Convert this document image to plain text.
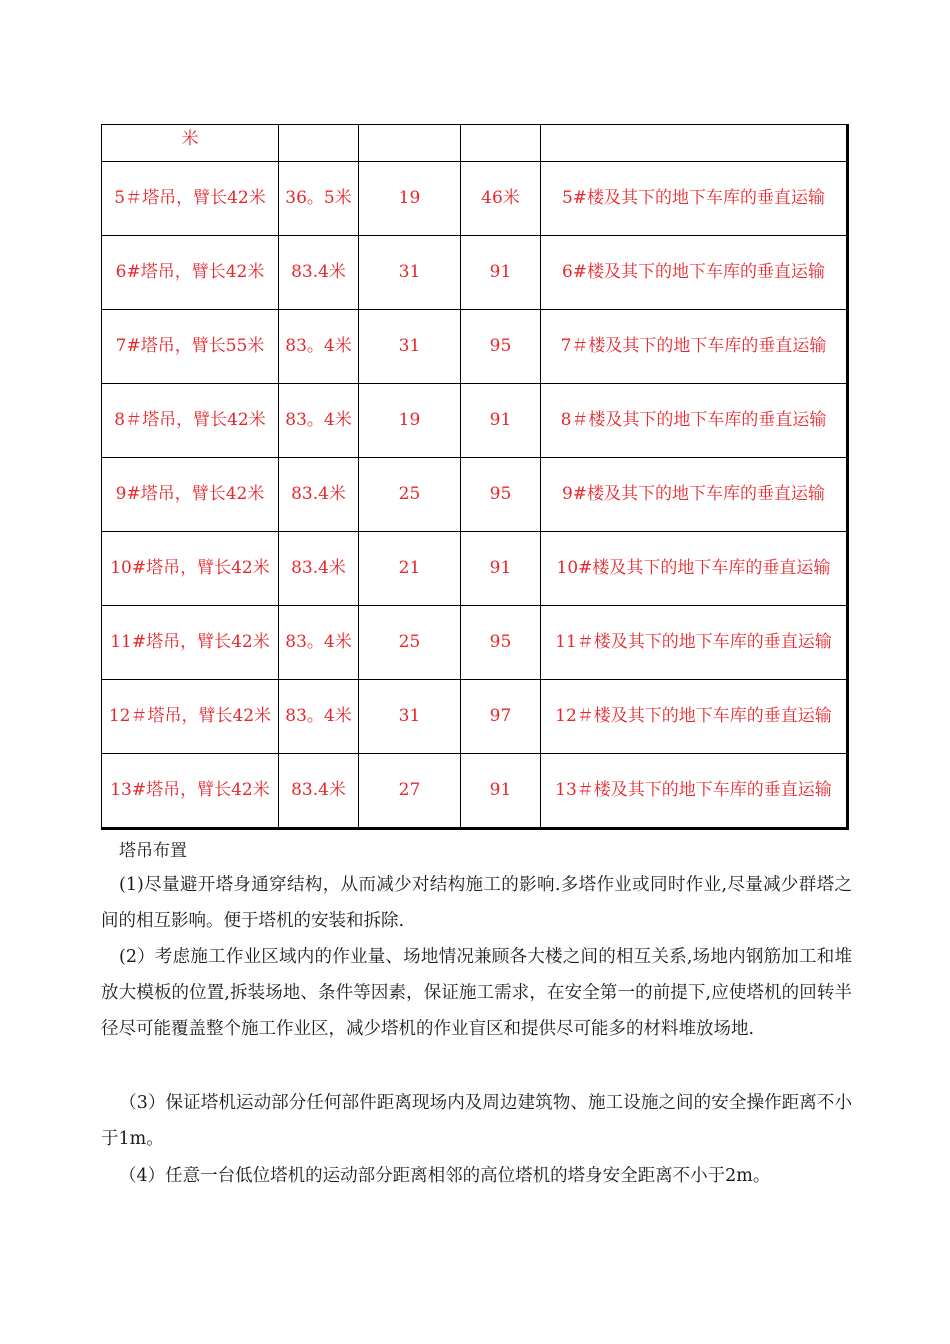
米				
5＃塔吊，臂长42米	36。5米	19	46米	5#楼及其下的地下车库的垂直运输
6#塔吊，臂长42米	83.4米	31	91	6#楼及其下的地下车库的垂直运输
7#塔吊，臂长55米	83。4米	31	95	7＃楼及其下的地下车库的垂直运输
8＃塔吊，臂长42米	83。4米	19	91	8＃楼及其下的地下车库的垂直运输
9#塔吊，臂长42米	83.4米	25	95	9#楼及其下的地下车库的垂直运输
10#塔吊，臂长42米	83.4米	21	91	10#楼及其下的地下车库的垂直运输
11#塔吊，臂长42米	83。4米	25	95	11＃楼及其下的地下车库的垂直运输
12＃塔吊，臂长42米	83。4米	31	97	12＃楼及其下的地下车库的垂直运输
13#塔吊，臂长42米	83.4米	27	91	13＃楼及其下的地下车库的垂直运输
塔吊布置
(1)尽量避开塔身通穿结构，从而减少对结构施工的影响.多塔作业或同时作业,尽量减少群塔之间的相互影响。便于塔机的安装和拆除.
(2）考虑施工作业区域内的作业量、场地情况兼顾各大楼之间的相互关系,场地内钢筋加工和堆放大模板的位置,拆装场地、条件等因素，保证施工需求，在安全第一的前提下,应使塔机的回转半径尽可能覆盖整个施工作业区，减少塔机的作业盲区和提供尽可能多的材料堆放场地.
（3）保证塔机运动部分任何部件距离现场内及周边建筑物、施工设施之间的安全操作距离不小于1m。
（4）任意一台低位塔机的运动部分距离相邻的高位塔机的塔身安全距离不小于2m。
